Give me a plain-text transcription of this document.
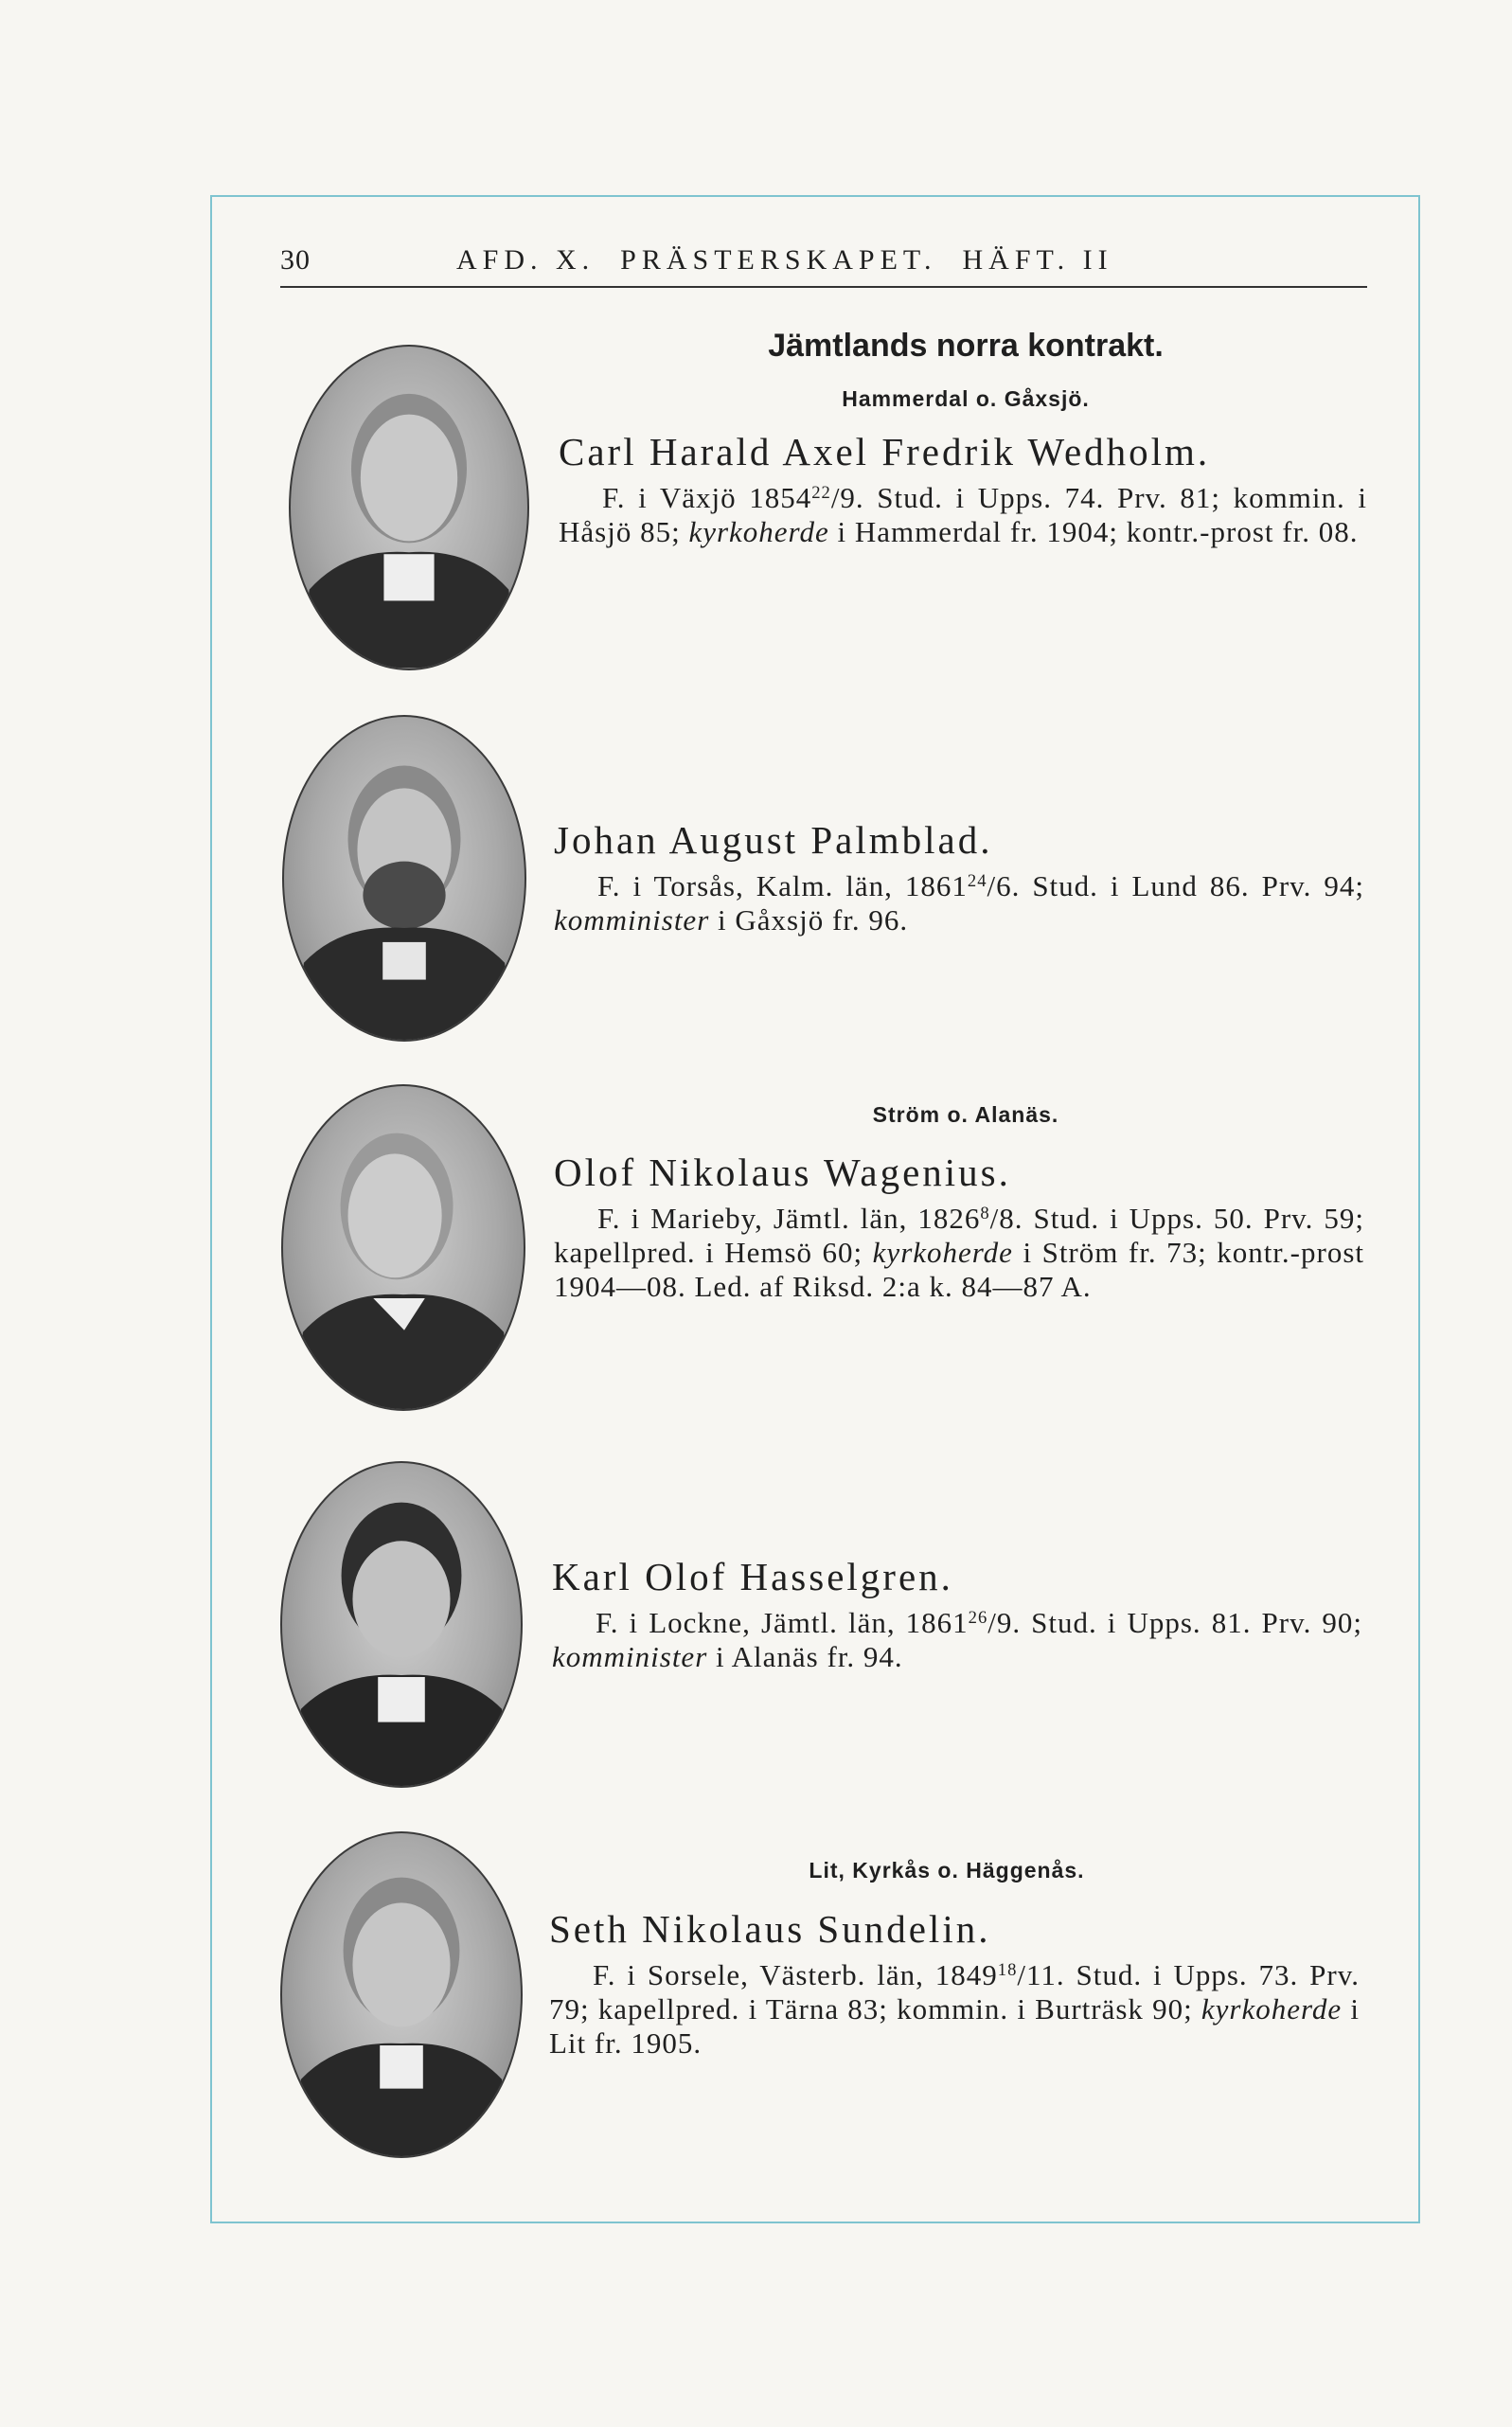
30	AFD. X.  PRÄSTERSKAPET.  HÄFT. II
Jämtlands norra kontrakt.
Hammerdal o. Gåxsjö.
Ström o. Alanäs.
Lit, Kyrkås o. Häggenås.
Carl Harald Axel Fredrik Wedholm.
F. i Växjö 1854$^{22}$/9. Stud. i Upps. 74. Prv. 81; kommin. i Håsjö 85; kyrkoherde i Hammerdal fr. 1904; kontr.-prost fr. 08.
Johan August Palmblad.
F. i Torsås, Kalm. län, 1861$^{24}$/6. Stud. i Lund 86. Prv. 94; komminister i Gåxsjö fr. 96.
Olof Nikolaus Wagenius.
F. i Marieby, Jämtl. län, 1826$^8$/8. Stud. i Upps. 50. Prv. 59; kapellpred. i Hemsö 60; kyrkoherde i Ström fr. 73; kontr.-prost 1904—08. Led. af Riksd. 2:a k. 84—87 A.
Karl Olof Hasselgren.
F. i Lockne, Jämtl. län, 1861$^{26}$/9. Stud. i Upps. 81. Prv. 90; komminister i Alanäs fr. 94.
Seth Nikolaus Sundelin.
F. i Sorsele, Västerb. län, 1849$^{18}$/11. Stud. i Upps. 73. Prv. 79; kapellpred. i Tärna 83; kommin. i Burträsk 90; kyrkoherde i Lit fr. 1905.
